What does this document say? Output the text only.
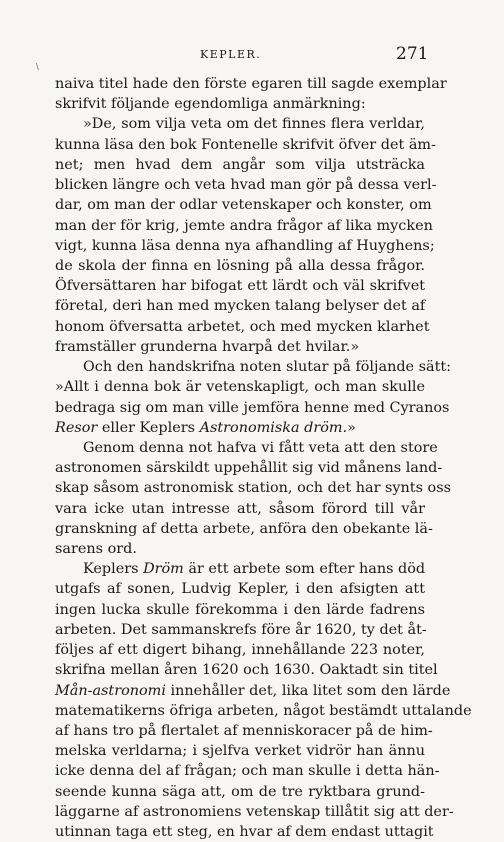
KEPLER.	271
\
naiva titel hade den förste egaren till sagde exemplar
skrifvit följande egendomliga anmärkning:
»De, som vilja veta om det finnes flera verldar,
kunna läsa den bok Fontenelle skrifvit öfver det äm-
net; men hvad dem angår som vilja utsträcka
blicken längre och veta hvad man gör på dessa verl-
dar, om man der odlar vetenskaper och konster, om
man der för krig, jemte andra frågor af lika mycken
vigt, kunna läsa denna nya afhandling af Huyghens;
de skola der finna en lösning på alla dessa frågor.
Öfversättaren har bifogat ett lärdt och väl skrifvet
företal, deri han med mycken talang belyser det af
honom öfversatta arbetet, och med mycken klarhet
framställer grunderna hvarpå det hvilar.»
Och den handskrifna noten slutar på följande sätt:
»Allt i denna bok är vetenskapligt, och man skulle
bedraga sig om man ville jemföra henne med Cyranos
Resor eller Keplers Astronomiska dröm.»
Genom denna not hafva vi fått veta att den store
astronomen särskildt uppehållit sig vid månens land-
skap såsom astronomisk station, och det har synts oss
vara icke utan intresse att, såsom förord till vår
granskning af detta arbete, anföra den obekante lä-
sarens ord.
Keplers Dröm är ett arbete som efter hans död
utgafs af sonen, Ludvig Kepler, i den afsigten att
ingen lucka skulle förekomma i den lärde fadrens
arbeten. Det sammanskrefs före år 1620, ty det åt-
följes af ett digert bihang, innehållande 223 noter,
skrifna mellan åren 1620 och 1630. Oaktadt sin titel
Mån-astronomi innehåller det, lika litet som den lärde
matematikerns öfriga arbeten, något bestämdt uttalande
af hans tro på flertalet af menniskoracer på de him-
melska verldarna; i sjelfva verket vidrör han ännu
icke denna del af frågan; och man skulle i detta hän-
seende kunna säga att, om de tre ryktbara grund-
läggarne af astronomiens vetenskap tillåtit sig att der-
utinnan taga ett steg, en hvar af dem endast uttagit
